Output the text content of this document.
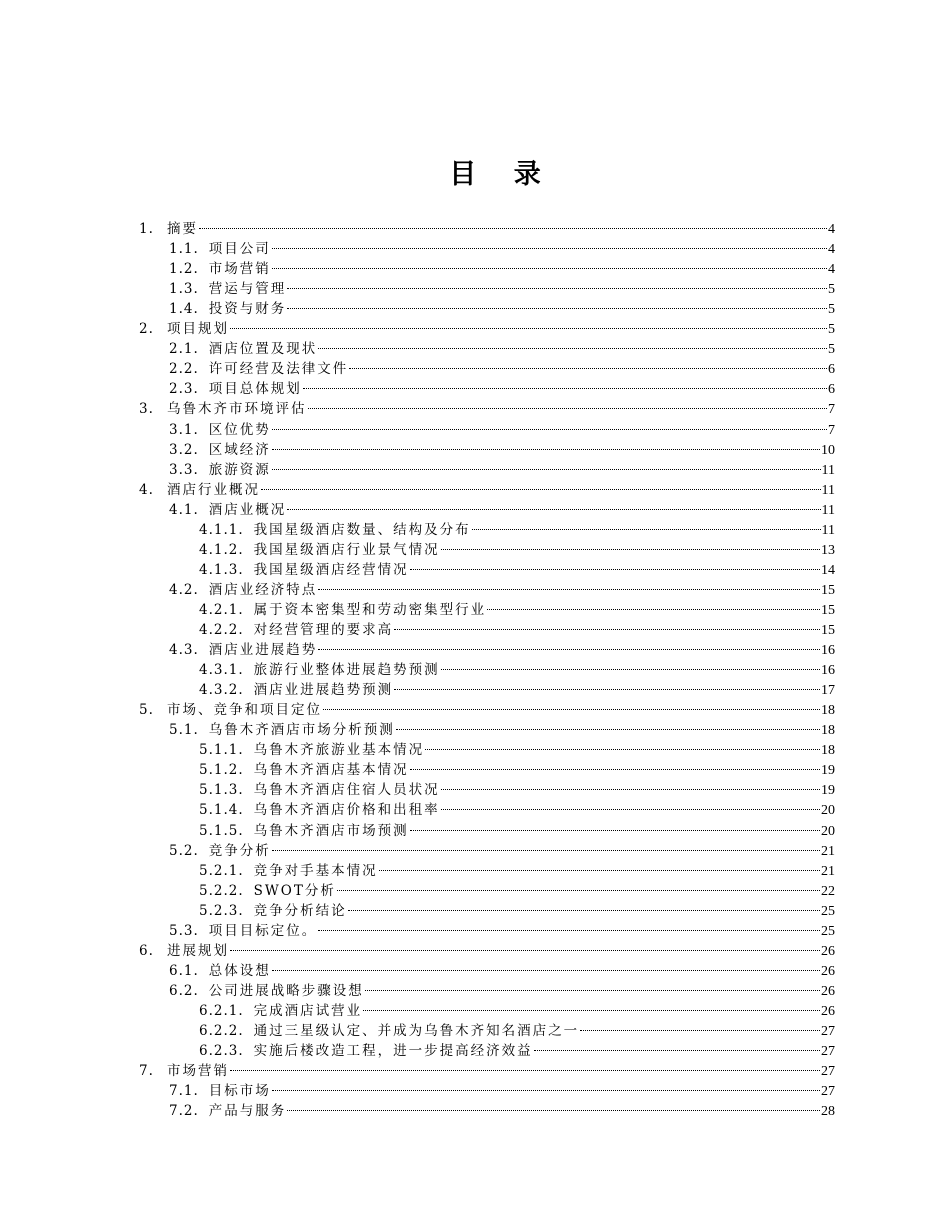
目 录
1. 摘要	4
1.1. 项目公司	4
1.2. 市场营销	4
1.3. 营运与管理	5
1.4. 投资与财务	5
2. 项目规划	5
2.1. 酒店位置及现状	5
2.2. 许可经营及法律文件	6
2.3. 项目总体规划	6
3. 乌鲁木齐市环境评估	7
3.1. 区位优势	7
3.2. 区域经济	10
3.3. 旅游资源	11
4. 酒店行业概况	11
4.1. 酒店业概况	11
4.1.1. 我国星级酒店数量、结构及分布	11
4.1.2. 我国星级酒店行业景气情况	13
4.1.3. 我国星级酒店经营情况	14
4.2. 酒店业经济特点	15
4.2.1. 属于资本密集型和劳动密集型行业	15
4.2.2. 对经营管理的要求高	15
4.3. 酒店业进展趋势	16
4.3.1. 旅游行业整体进展趋势预测	16
4.3.2. 酒店业进展趋势预测	17
5. 市场、竞争和项目定位	18
5.1. 乌鲁木齐酒店市场分析预测	18
5.1.1. 乌鲁木齐旅游业基本情况	18
5.1.2. 乌鲁木齐酒店基本情况	19
5.1.3. 乌鲁木齐酒店住宿人员状况	19
5.1.4. 乌鲁木齐酒店价格和出租率	20
5.1.5. 乌鲁木齐酒店市场预测	20
5.2. 竞争分析	21
5.2.1. 竞争对手基本情况	21
5.2.2. SWOT分析	22
5.2.3. 竞争分析结论	25
5.3. 项目目标定位。	25
6. 进展规划	26
6.1. 总体设想	26
6.2. 公司进展战略步骤设想	26
6.2.1. 完成酒店试营业	26
6.2.2. 通过三星级认定、并成为乌鲁木齐知名酒店之一	27
6.2.3. 实施后楼改造工程，进一步提高经济效益	27
7. 市场营销	27
7.1. 目标市场	27
7.2. 产品与服务	28
